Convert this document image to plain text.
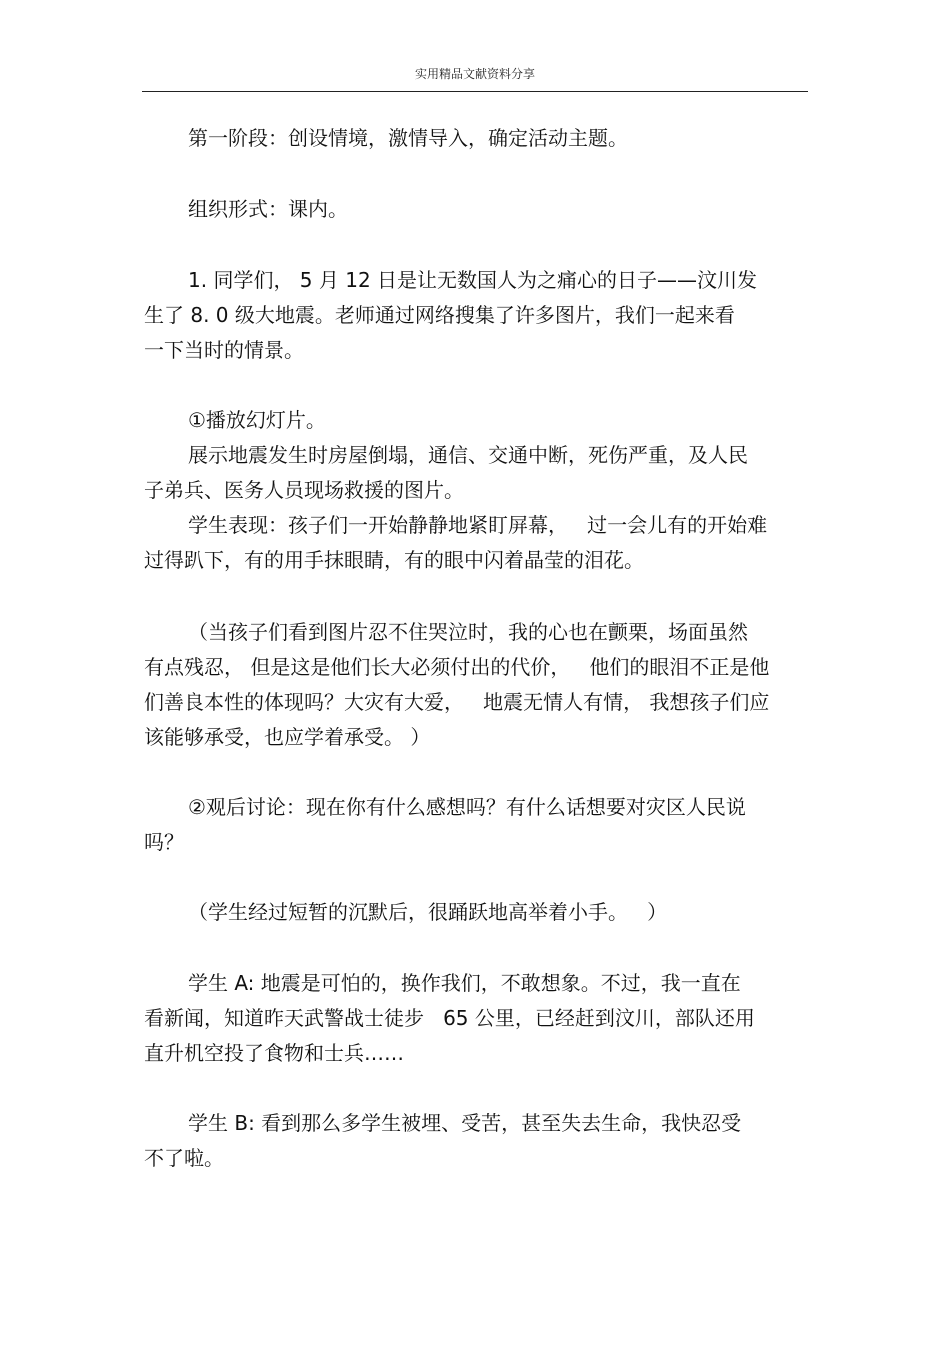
实用精品文献资料分享
第一阶段：创设情境，激情导入，确定活动主题。
组织形式：课内。
1. 同学们， 5 月 12 日是让无数国人为之痛心的日子——汶川发
生了 8. 0 级大地震。老师通过网络搜集了许多图片，我们一起来看
一下当时的情景。
①播放幻灯片。
展示地震发生时房屋倒塌，通信、交通中断，死伤严重，及人民
子弟兵、医务人员现场救援的图片。
学生表现：孩子们一开始静静地紧盯屏幕，   过一会儿有的开始难
过得趴下，有的用手抹眼睛，有的眼中闪着晶莹的泪花。
（当孩子们看到图片忍不住哭泣时，我的心也在颤栗，场面虽然
有点残忍， 但是这是他们长大必须付出的代价，   他们的眼泪不正是他
们善良本性的体现吗？大灾有大爱，   地震无情人有情， 我想孩子们应
该能够承受，也应学着承受。 ）
②观后讨论：现在你有什么感想吗？有什么话想要对灾区人民说
吗？
（学生经过短暂的沉默后，很踊跃地高举着小手。   ）
学生 A: 地震是可怕的，换作我们，不敢想象。不过，我一直在
看新闻，知道昨天武警战士徒步   65 公里，已经赶到汶川，部队还用
直升机空投了食物和士兵……
学生 B: 看到那么多学生被埋、受苦，甚至失去生命，我快忍受
不了啦。
